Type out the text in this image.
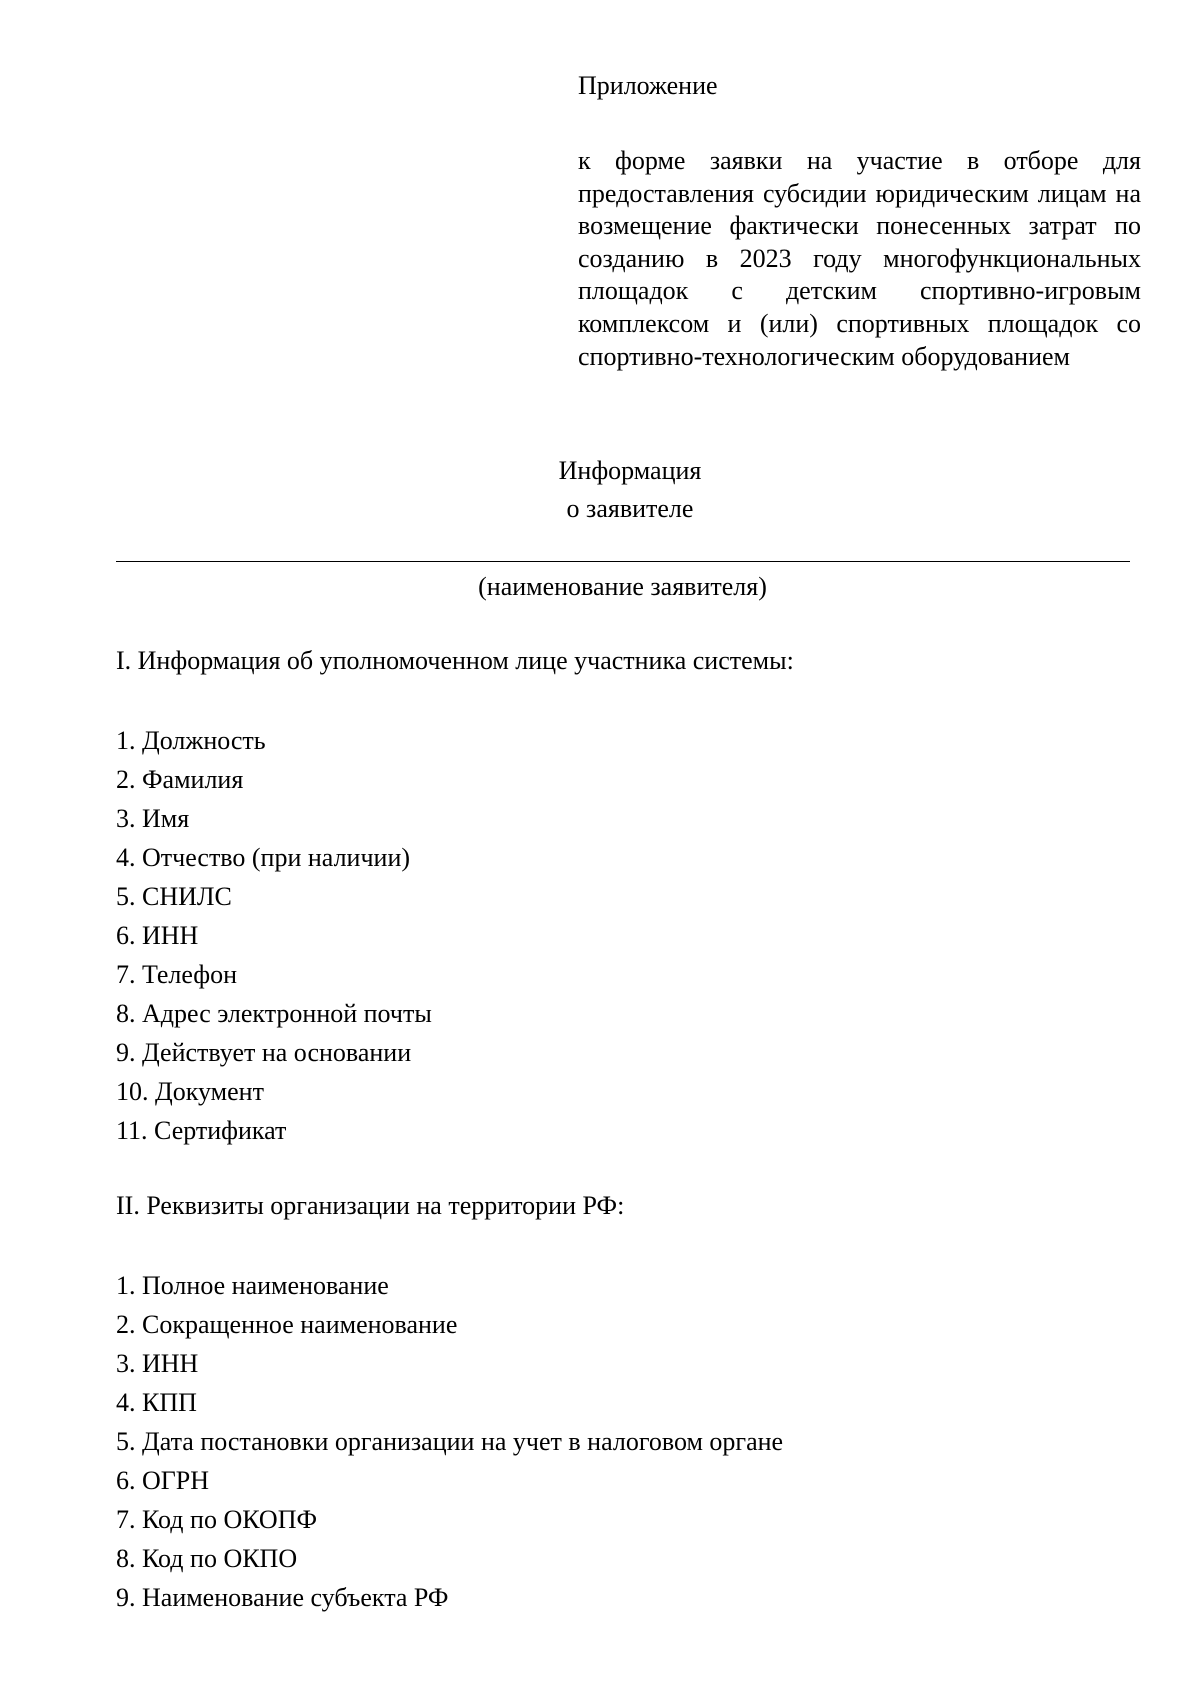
Приложение

к форме заявки на участие в отборе для предоставления субсидии юридическим лицам на возмещение фактически понесенных затрат по созданию в 2023 году многофункциональных площадок с детским спортивно-игровым комплексом и (или) спортивных площадок со спортивно-технологическим оборудованием

Информация
о заявителе
(наименование заявителя)

I. Информация об уполномоченном лице участника системы:

1. Должность
2. Фамилия
3. Имя
4. Отчество (при наличии)
5. СНИЛС
6. ИНН
7. Телефон
8. Адрес электронной почты
9. Действует на основании
10. Документ
11. Сертификат

II. Реквизиты организации на территории РФ:

1. Полное наименование
2. Сокращенное наименование
3. ИНН
4. КПП
5. Дата постановки организации на учет в налоговом органе
6. ОГРН
7. Код по ОКОПФ
8. Код по ОКПО
9. Наименование субъекта РФ
